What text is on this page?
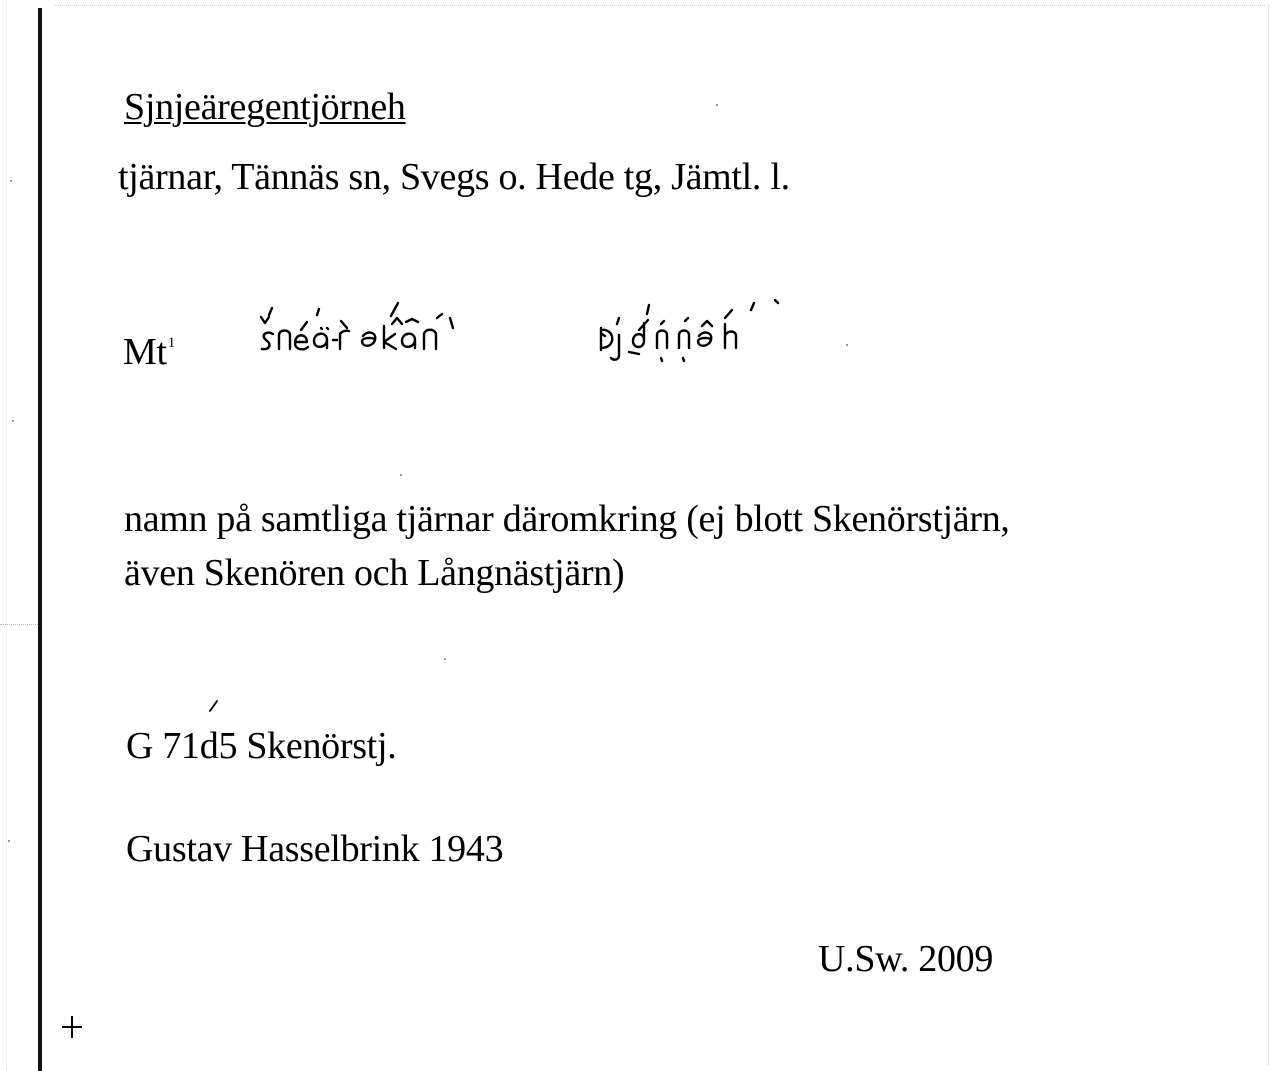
Sjnjeäregentjörneh
tjärnar, Tännäs sn, Svegs o. Hede tg, Jämtl. l.
Mt$^1$
namn på samtliga tjärnar däromkring (ej blott Skenörstjärn,
även Skenören och Långnästjärn)
G 71d5 Skenörstj.
Gustav Hasselbrink 1943
U.Sw. 2009
